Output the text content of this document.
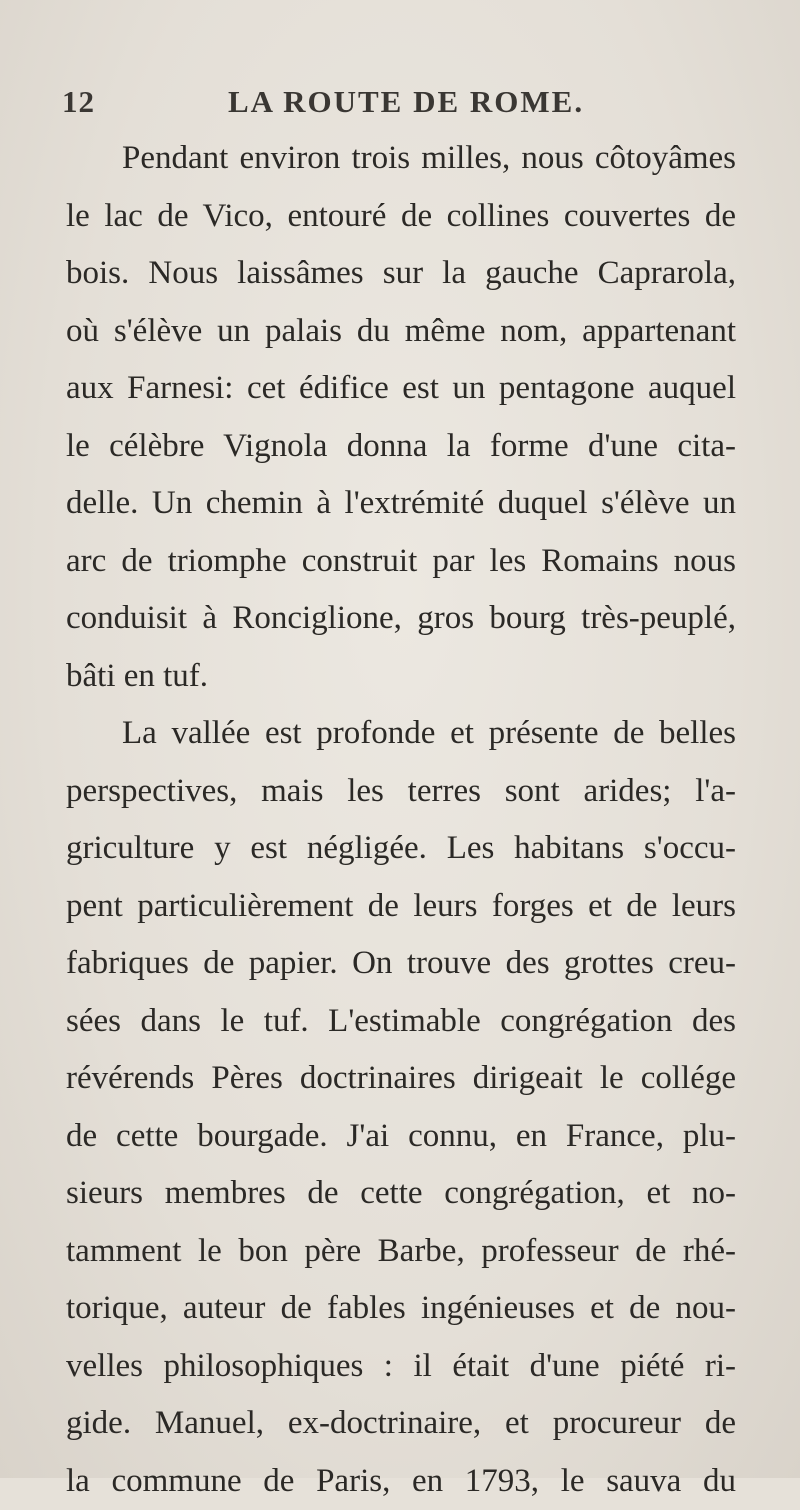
12	LA ROUTE DE ROME.
Pendant environ trois milles, nous côtoyâmes
le lac de Vico, entouré de collines couvertes de
bois. Nous laissâmes sur la gauche Caprarola,
où s'élève un palais du même nom, appartenant
aux Farnesi: cet édifice est un pentagone auquel
le célèbre Vignola donna la forme d'une cita-
delle. Un chemin à l'extrémité duquel s'élève un
arc de triomphe construit par les Romains nous
conduisit à Ronciglione, gros bourg très-peuplé,
bâti en tuf.
La vallée est profonde et présente de belles
perspectives, mais les terres sont arides; l'a-
griculture y est négligée. Les habitans s'occu-
pent particulièrement de leurs forges et de leurs
fabriques de papier. On trouve des grottes creu-
sées dans le tuf. L'estimable congrégation des
révérends Pères doctrinaires dirigeait le collége
de cette bourgade. J'ai connu, en France, plu-
sieurs membres de cette congrégation, et no-
tamment le bon père Barbe, professeur de rhé-
torique, auteur de fables ingénieuses et de nou-
velles philosophiques : il était d'une piété ri-
gide. Manuel, ex-doctrinaire, et procureur de
la commune de Paris, en 1793, le sauva du
